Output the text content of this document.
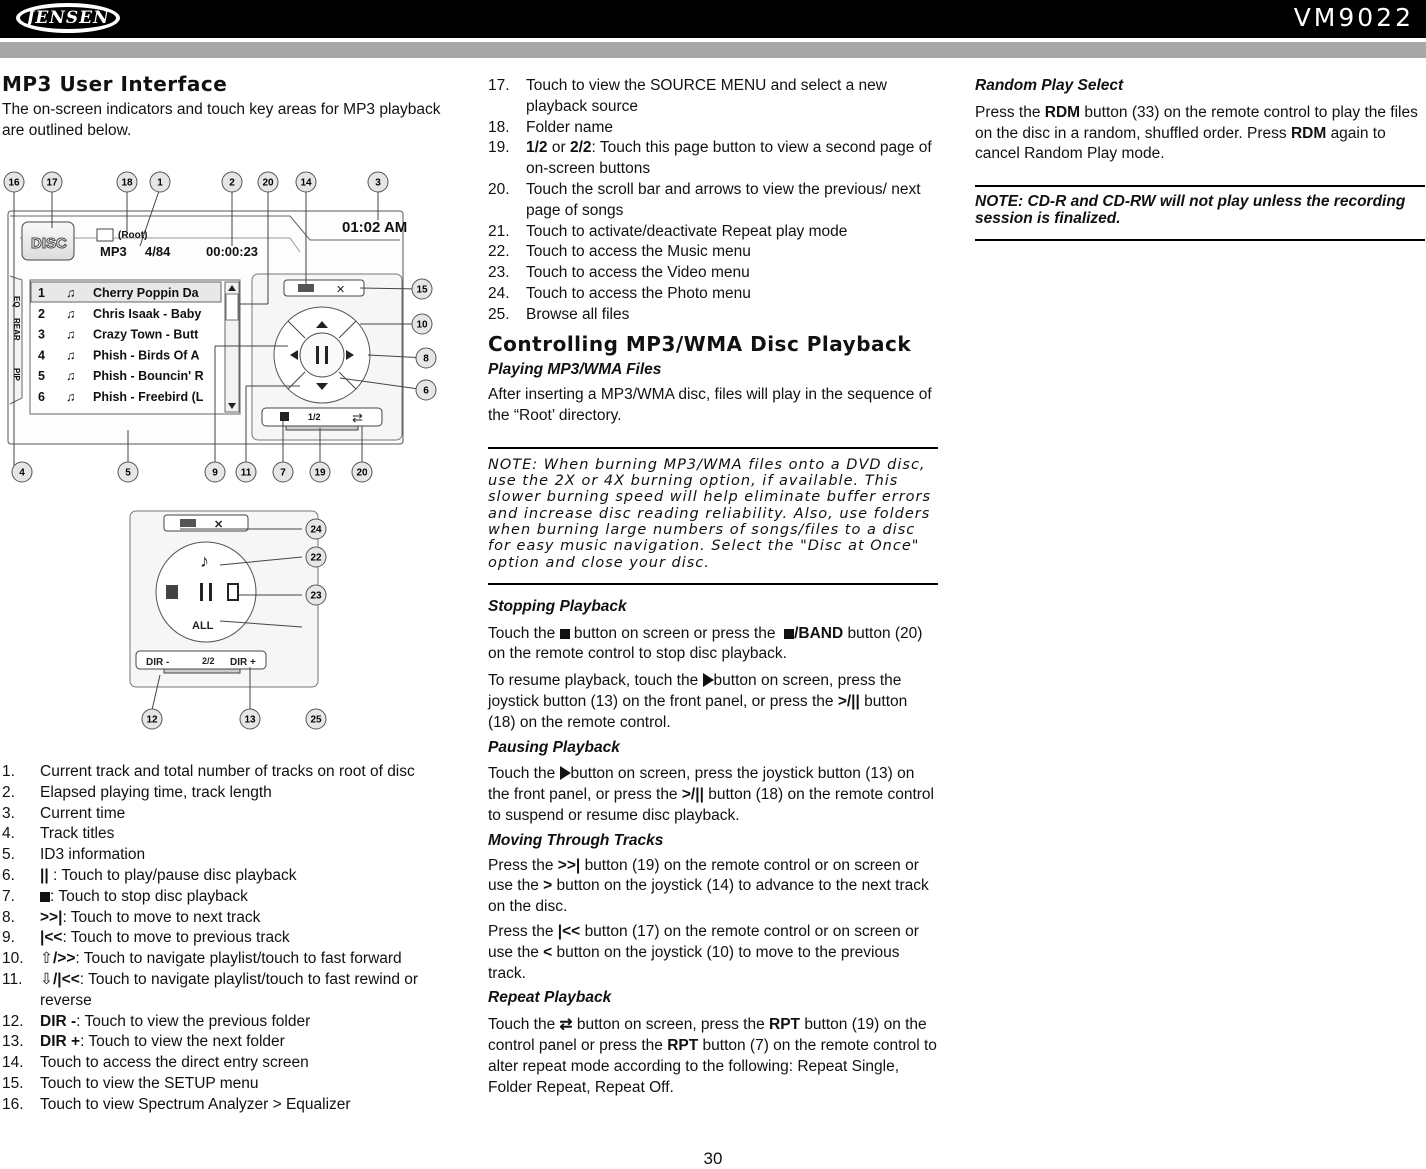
JENSEN	VM9022
MP3 User Interface

The on-screen indicators and touch key areas for MP3 playback are outlined below.

DISC	(Root)
MP3 4/84	00:00:23
01:02 AM
EQ
REAR
PIP
1 ♫ Cherry Poppin Da
2 ♫ Chris Isaak - Baby
3 ♫ Crazy Town - Butt
4 ♫ Phish - Birds Of A
5 ♫ Phish - Bouncin' R
6 ♫ Phish - Freebird (L
1/2
✕
⇄
16	17	18 1	2	20	14	3
15
10
8
6
4	5	9 11	7	19	20
✕
♪
ALL
DIR -	2/2 DIR +
24
22
23
12	13	25
1. Current track and total number of tracks on root of disc
2. Elapsed playing time, track length
3. Current time
4. Track titles
5. ID3 information
6. || : Touch to play/pause disc playback
7. : Touch to stop disc playback
8. >>|: Touch to move to next track
9. |<<: Touch to move to previous track
10. ⇧/>>: Touch to navigate playlist/touch to fast forward
11. ⇩/|<<: Touch to navigate playlist/touch to fast rewind or reverse
12. DIR -: Touch to view the previous folder
13. DIR +: Touch to view the next folder
14. Touch to access the direct entry screen
15. Touch to view the SETUP menu
16. Touch to view Spectrum Analyzer > Equalizer
17. Touch to view the SOURCE MENU and select a new playback source
18. Folder name
19. 1/2 or 2/2: Touch this page button to view a second page of on-screen buttons
20. Touch the scroll bar and arrows to view the previous/ next page of songs
21. Touch to activate/deactivate Repeat play mode
22. Touch to access the Music menu
23. Touch to access the Video menu
24. Touch to access the Photo menu
25. Browse all files
Controlling MP3/WMA Disc Playback
Playing MP3/WMA Files

After inserting a MP3/WMA disc, files will play in the sequence of the “Root’ directory.

NOTE: When burning MP3/WMA files onto a DVD disc, use the 2X or 4X burning option, if available. This slower burning speed will help eliminate buffer errors and increase disc reading reliability. Also, use folders when burning large numbers of songs/files to a disc for easy music navigation. Select the "Disc at Once" option and close your disc.

Stopping Playback

Touch the button on screen or press the /BAND button (20) on the remote control to stop disc playback.

To resume playback, touch the button on screen, press the joystick button (13) on the front panel, or press the >/|| button (18) on the remote control.

Pausing Playback

Touch the button on screen, press the joystick button (13) on the front panel, or press the >/|| button (18) on the remote control to suspend or resume disc playback.

Moving Through Tracks

Press the >>| button (19) on the remote control or on screen or use the > button on the joystick (14) to advance to the next track on the disc.

Press the |<< button (17) on the remote control or on screen or use the < button on the joystick (10) to move to the previous track.

Repeat Playback

Touch the ⇄ button on screen, press the RPT button (19) on the control panel or press the RPT button (7) on the remote control to alter repeat mode according to the following: Repeat Single, Folder Repeat, Repeat Off.

Random Play Select

Press the RDM button (33) on the remote control to play the files on the disc in a random, shuffled order. Press RDM again to cancel Random Play mode.

NOTE: CD-R and CD-RW will not play unless the recording session is finalized.

30
